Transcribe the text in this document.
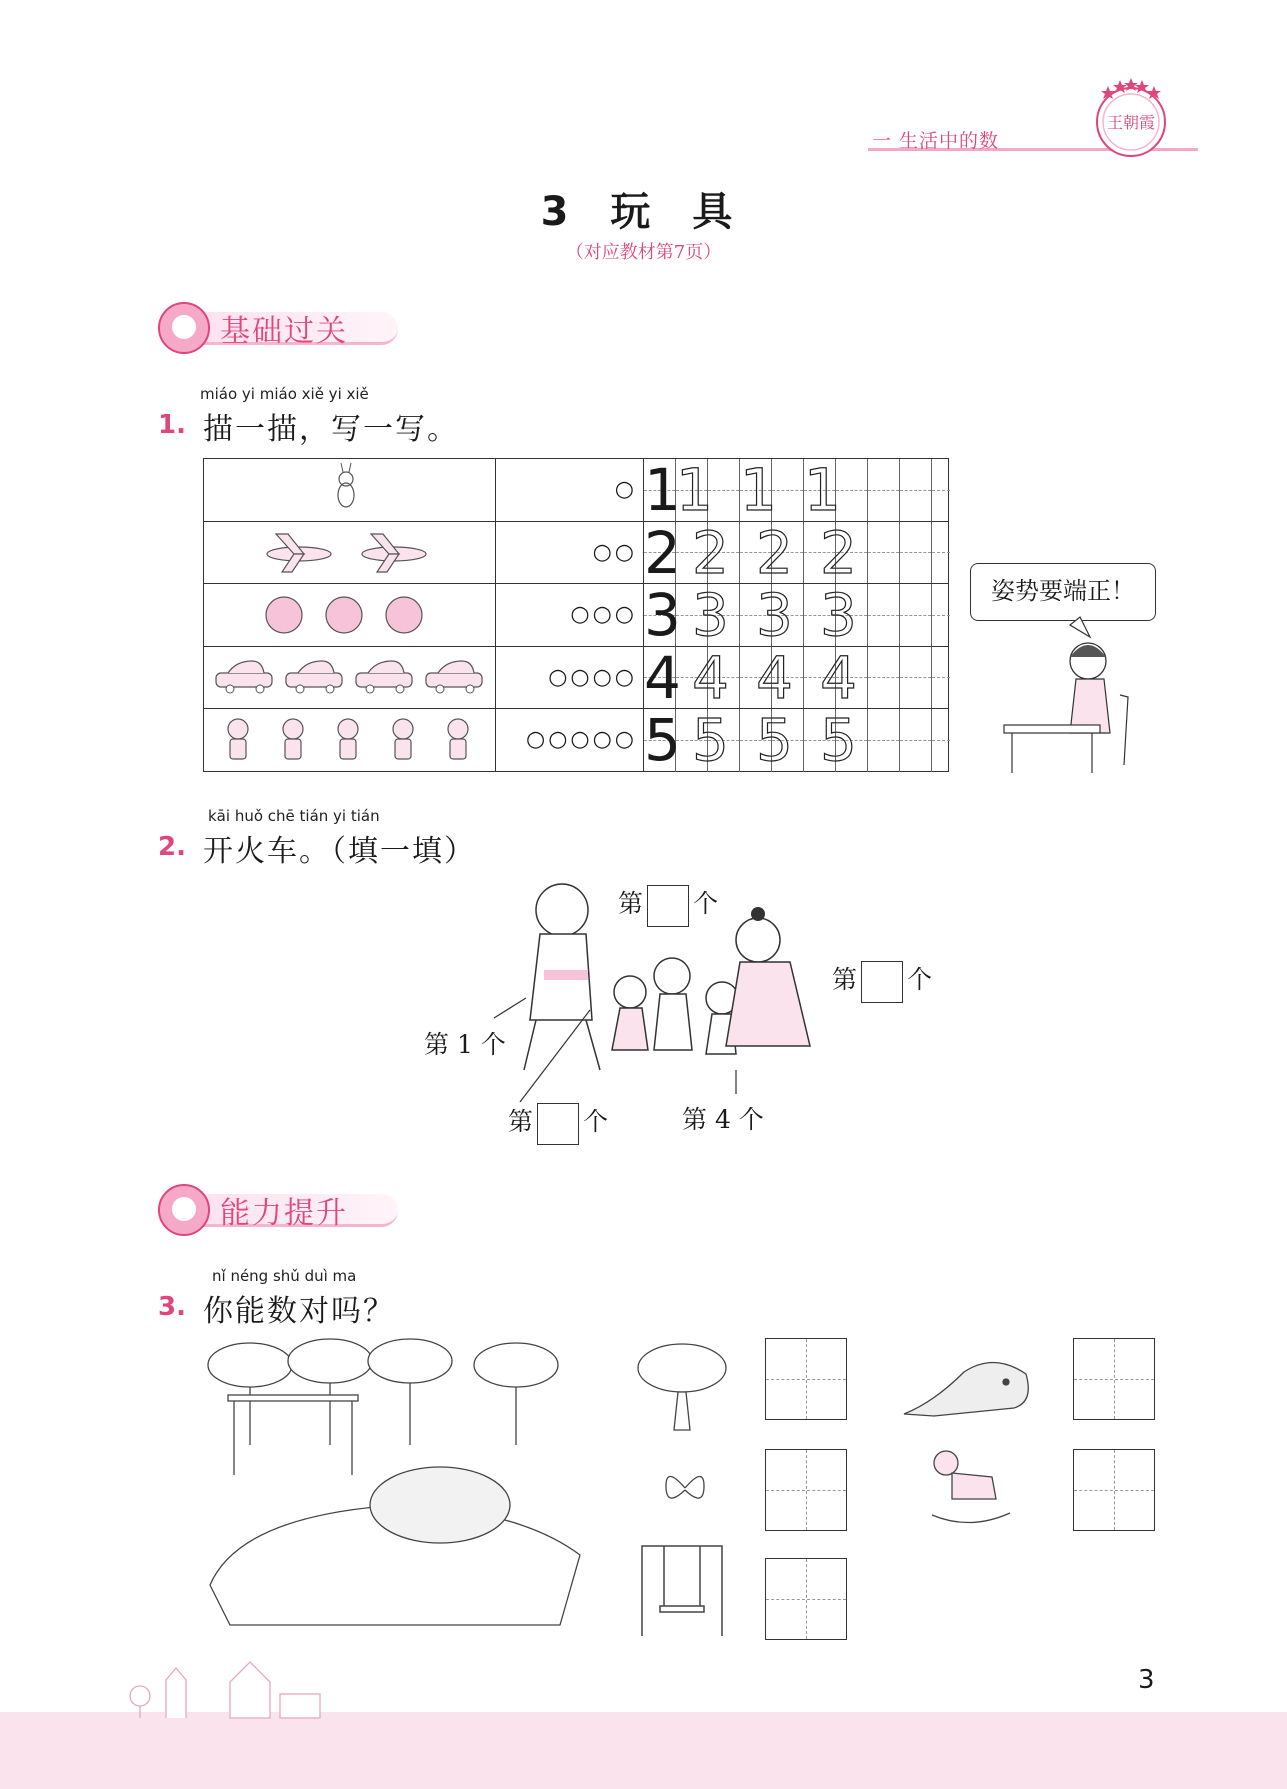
一 生活中的数
王朝霞
3 玩 具
（对应教材第7页）
基础过关
miáo yi miáo xiě yi xiě
1. 描一描，写一写。
○ 1
1 1 1
○○ 2 2 2 2
○○○ 3 3 3 3
○○○○ 4 4 4 4
○○○○○ 5 5 5 5
姿势要端正！
kāi huǒ chē tián yi tián
2. 开火车。（填一填）
第 个
第 个
第 1 个
第 个	第 4 个
能力提升
nǐ néng shǔ duì ma
3. 你能数对吗？
3
